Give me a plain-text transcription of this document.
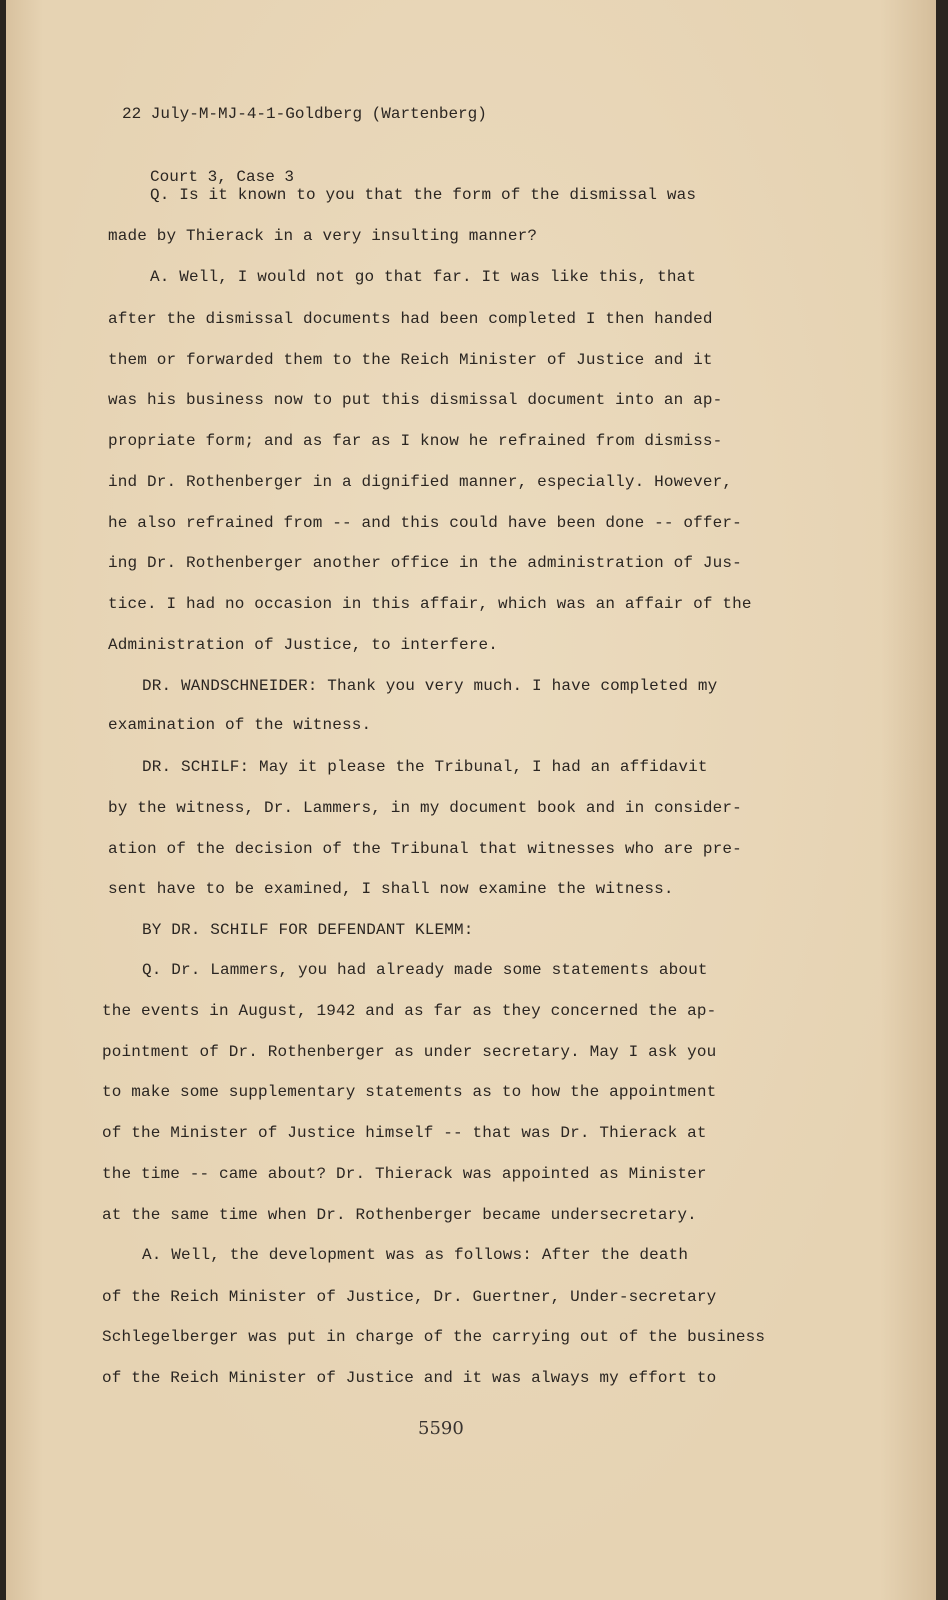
22 July-M-MJ-4-1-Goldberg (Wartenberg)

Court 3, Case 3

Q. Is it known to you that the form of the dismissal was
made by Thierack in a very insulting manner?
A. Well, I would not go that far. It was like this, that
after the dismissal documents had been completed I then handed
them or forwarded them to the Reich Minister of Justice and it
was his business now to put this dismissal document into an ap-
propriate form; and as far as I know he refrained from dismiss-
ind Dr. Rothenberger in a dignified manner, especially. However,
he also refrained from -- and this could have been done -- offer-
ing Dr. Rothenberger another office in the administration of Jus-
tice. I had no occasion in this affair, which was an affair of the
Administration of Justice, to interfere.
DR. WANDSCHNEIDER: Thank you very much. I have completed my
examination of the witness.
DR. SCHILF: May it please the Tribunal, I had an affidavit
by the witness, Dr. Lammers, in my document book and in consider-
ation of the decision of the Tribunal that witnesses who are pre-
sent have to be examined, I shall now examine the witness.
BY DR. SCHILF FOR DEFENDANT KLEMM:
Q. Dr. Lammers, you had already made some statements about
the events in August, 1942 and as far as they concerned the ap-
pointment of Dr. Rothenberger as under secretary. May I ask you
to make some supplementary statements as to how the appointment
of the Minister of Justice himself -- that was Dr. Thierack at
the time -- came about? Dr. Thierack was appointed as Minister
at the same time when Dr. Rothenberger became undersecretary.
A. Well, the development was as follows: After the death
of the Reich Minister of Justice, Dr. Guertner, Under-secretary
Schlegelberger was put in charge of the carrying out of the business
of the Reich Minister of Justice and it was always my effort to
5590
